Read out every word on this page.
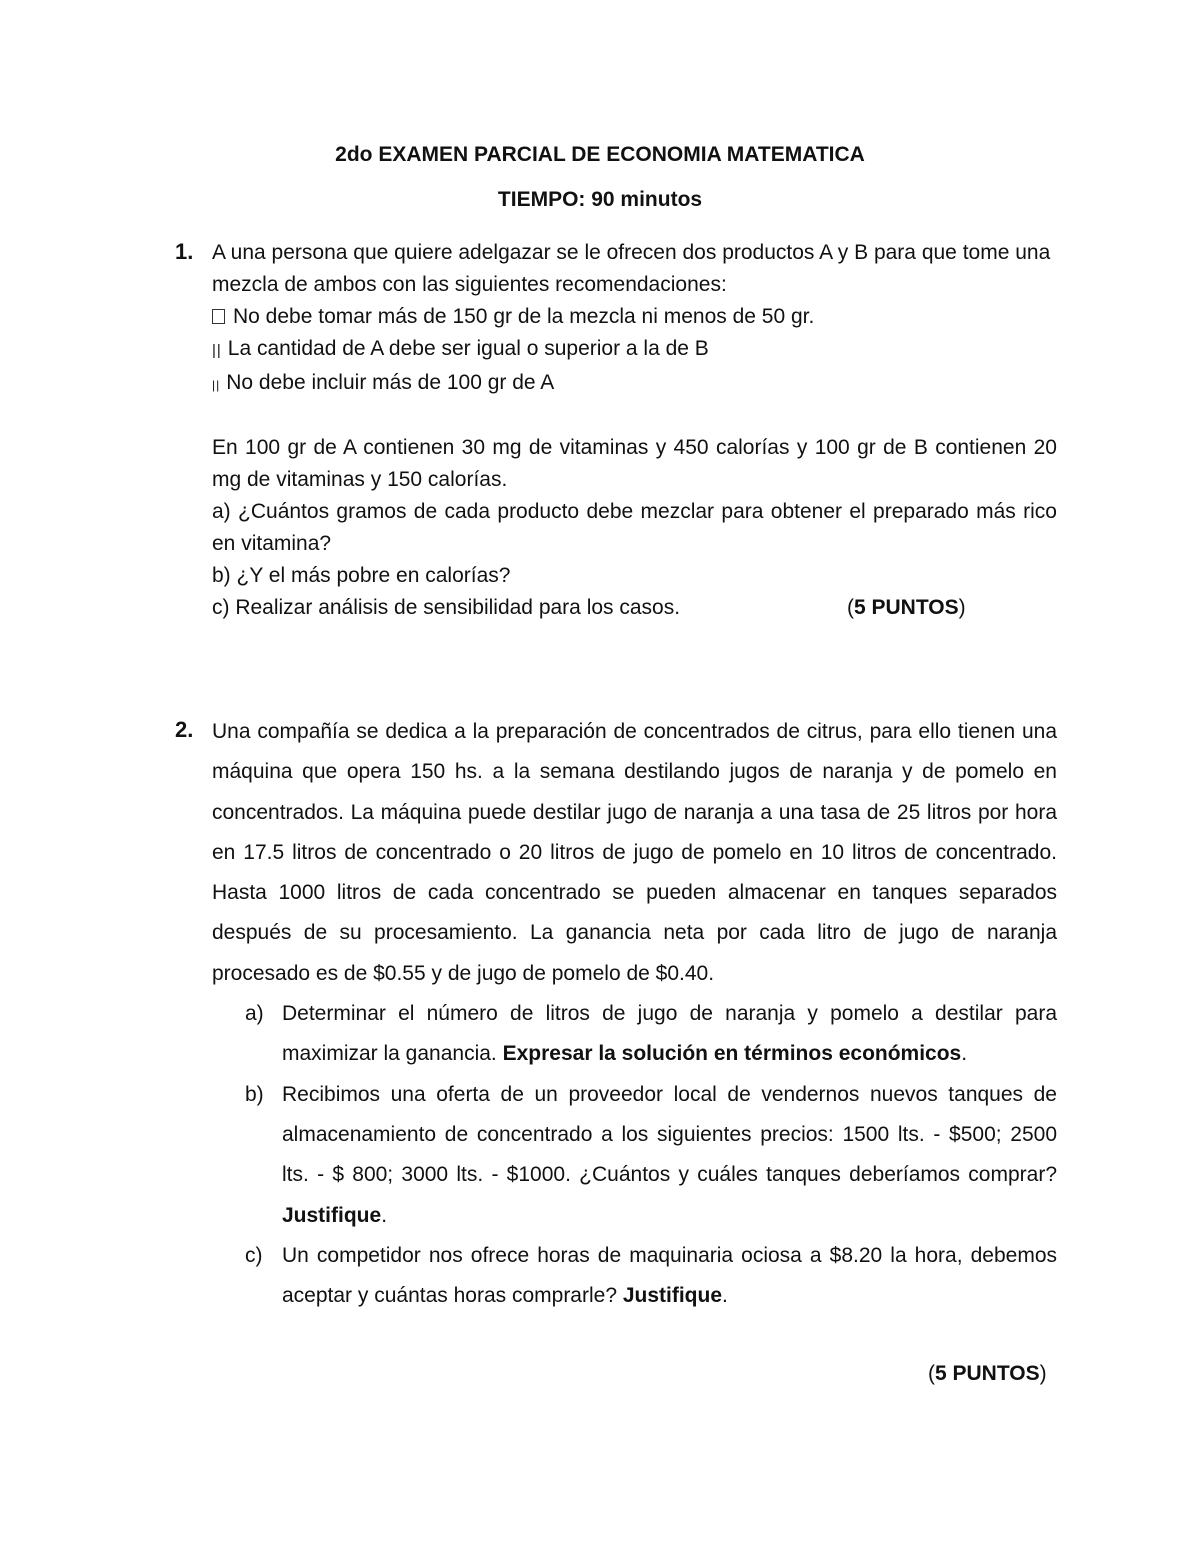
2do EXAMEN PARCIAL DE ECONOMIA MATEMATICA
TIEMPO: 90 minutos
1. A una persona que quiere adelgazar se le ofrecen dos productos A y B para que tome una mezcla de ambos con las siguientes recomendaciones:

No debe tomar más de 150 gr de la mezcla ni menos de 50 gr.

|| La cantidad de A debe ser igual o superior a la de B

|| No debe incluir más de 100 gr de A

En 100 gr de A contienen 30 mg de vitaminas y 450 calorías y 100 gr de B contienen 20 mg de vitaminas y 150 calorías.

a) ¿Cuántos gramos de cada producto debe mezclar para obtener el preparado más rico en vitamina?

b) ¿Y el más pobre en calorías?

c) Realizar análisis de sensibilidad para los casos.	(5 PUNTOS)

2. Una compañía se dedica a la preparación de concentrados de citrus, para ello tienen una máquina que opera 150 hs. a la semana destilando jugos de naranja y de pomelo en concentrados. La máquina puede destilar jugo de naranja a una tasa de 25 litros por hora en 17.5 litros de concentrado o 20 litros de jugo de pomelo en 10 litros de concentrado. Hasta 1000 litros de cada concentrado se pueden almacenar en tanques separados después de su procesamiento. La ganancia neta por cada litro de jugo de naranja procesado es de $0.55 y de jugo de pomelo de $0.40.

a) Determinar el número de litros de jugo de naranja y pomelo a destilar para maximizar la ganancia. Expresar la solución en términos económicos.

b) Recibimos una oferta de un proveedor local de vendernos nuevos tanques de almacenamiento de concentrado a los siguientes precios: 1500 lts. - $500; 2500 lts. - $ 800; 3000 lts. - $1000. ¿Cuántos y cuáles tanques deberíamos comprar? Justifique.

c) Un competidor nos ofrece horas de maquinaria ociosa a $8.20 la hora, debemos aceptar y cuántas horas comprarle? Justifique.

(5 PUNTOS)
